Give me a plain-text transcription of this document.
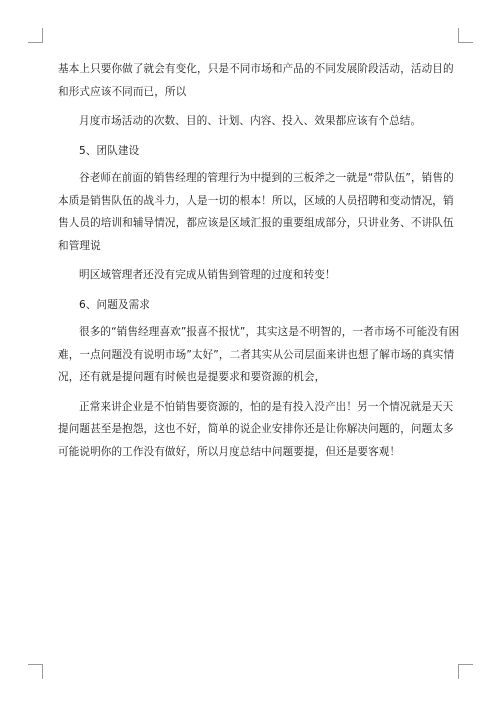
基本上只要你做了就会有变化，只是不同市场和产品的不同发展阶段活动，活动目的
和形式应该不同而已，所以

月度市场活动的次数、目的、计划、内容、投入、效果都应该有个总结。

5、团队建设

谷老师在前面的销售经理的管理行为中提到的三板斧之一就是“带队伍”，销售的
本质是销售队伍的战斗力，人是一切的根本！所以，区域的人员招聘和变动情况，销
售人员的培训和辅导情况，都应该是区域汇报的重要组成部分，只讲业务、不讲队伍
和管理说

明区域管理者还没有完成从销售到管理的过度和转变！

6、问题及需求

很多的“销售经理喜欢”报喜不报忧”，其实这是不明智的，一者市场不可能没有困
难，一点问题没有说明市场”太好”，二者其实从公司层面来讲也想了解市场的真实情
况，还有就是提问题有时候也是提要求和要资源的机会，

正常来讲企业是不怕销售要资源的，怕的是有投入没产出！另一个情况就是天天
提问题甚至是抱怨，这也不好，简单的说企业安排你还是让你解决问题的，问题太多
可能说明你的工作没有做好，所以月度总结中问题要提，但还是要客观！
